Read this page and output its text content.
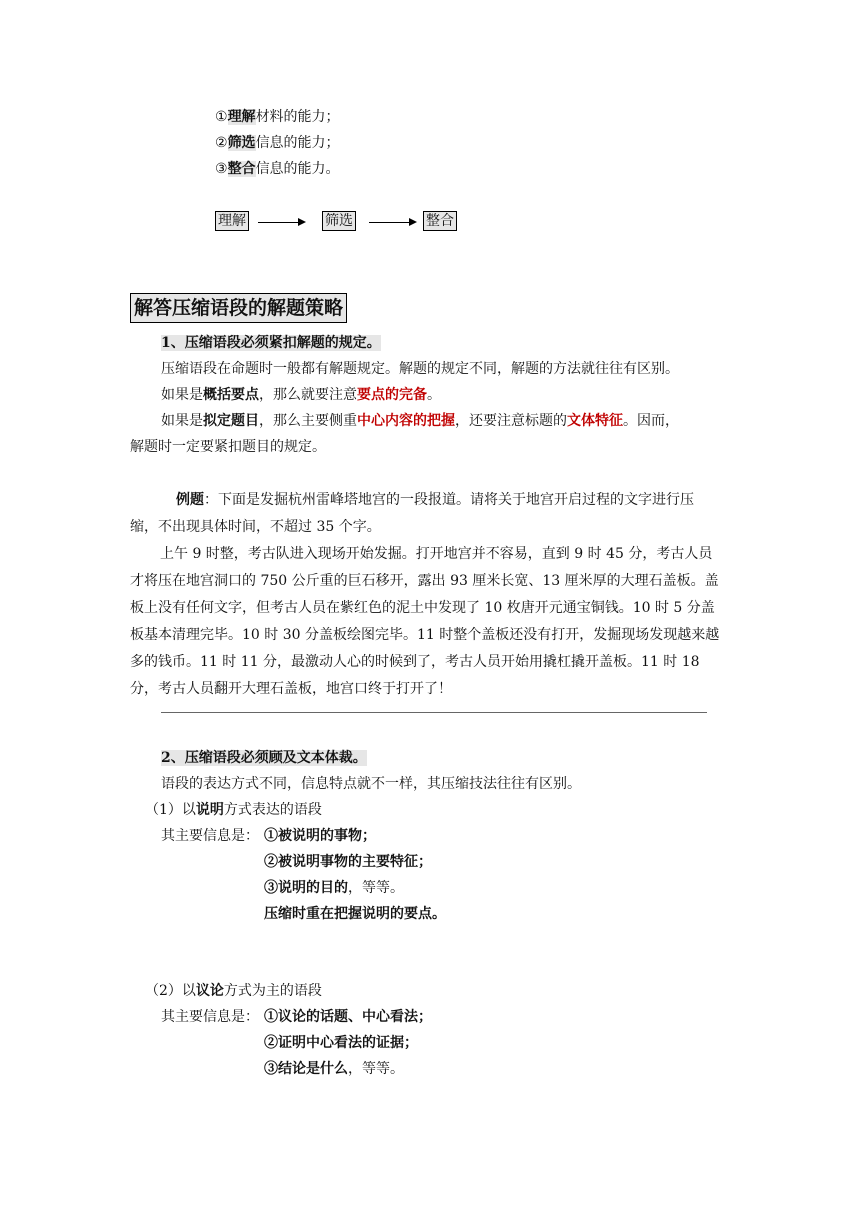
①理解材料的能力；
②筛选信息的能力；
③整合信息的能力。
理解	筛选	整合
解答压缩语段的解题策略
1、压缩语段必须紧扣解题的规定。
压缩语段在命题时一般都有解题规定。解题的规定不同，解题的方法就往往有区别。
如果是概括要点，那么就要注意要点的完备。
如果是拟定题目，那么主要侧重中心内容的把握，还要注意标题的文体特征。因而，
解题时一定要紧扣题目的规定。
例题：下面是发掘杭州雷峰塔地宫的一段报道。请将关于地宫开启过程的文字进行压缩，不出现具体时间，不超过 35 个字。
上午 9 时整，考古队进入现场开始发掘。打开地宫并不容易，直到 9 时 45 分，考古人员才将压在地宫洞口的 750 公斤重的巨石移开，露出 93 厘米长宽、13 厘米厚的大理石盖板。盖板上没有任何文字，但考古人员在紫红色的泥土中发现了 10 枚唐开元通宝铜钱。10 时 5 分盖板基本清理完毕。10 时 30 分盖板绘图完毕。11 时整个盖板还没有打开，发掘现场发现越来越多的钱币。11 时 11 分，最激动人心的时候到了，考古人员开始用撬杠撬开盖板。11 时 18 分，考古人员翻开大理石盖板，地宫口终于打开了！
2、压缩语段必须顾及文本体裁。
语段的表达方式不同，信息特点就不一样，其压缩技法往往有区别。
（1）以说明方式表达的语段
其主要信息是： ①被说明的事物；
②被说明事物的主要特征；
③说明的目的，等等。
压缩时重在把握说明的要点。
（2）以议论方式为主的语段
其主要信息是： ①议论的话题、中心看法；
②证明中心看法的证据；
③结论是什么，等等。
